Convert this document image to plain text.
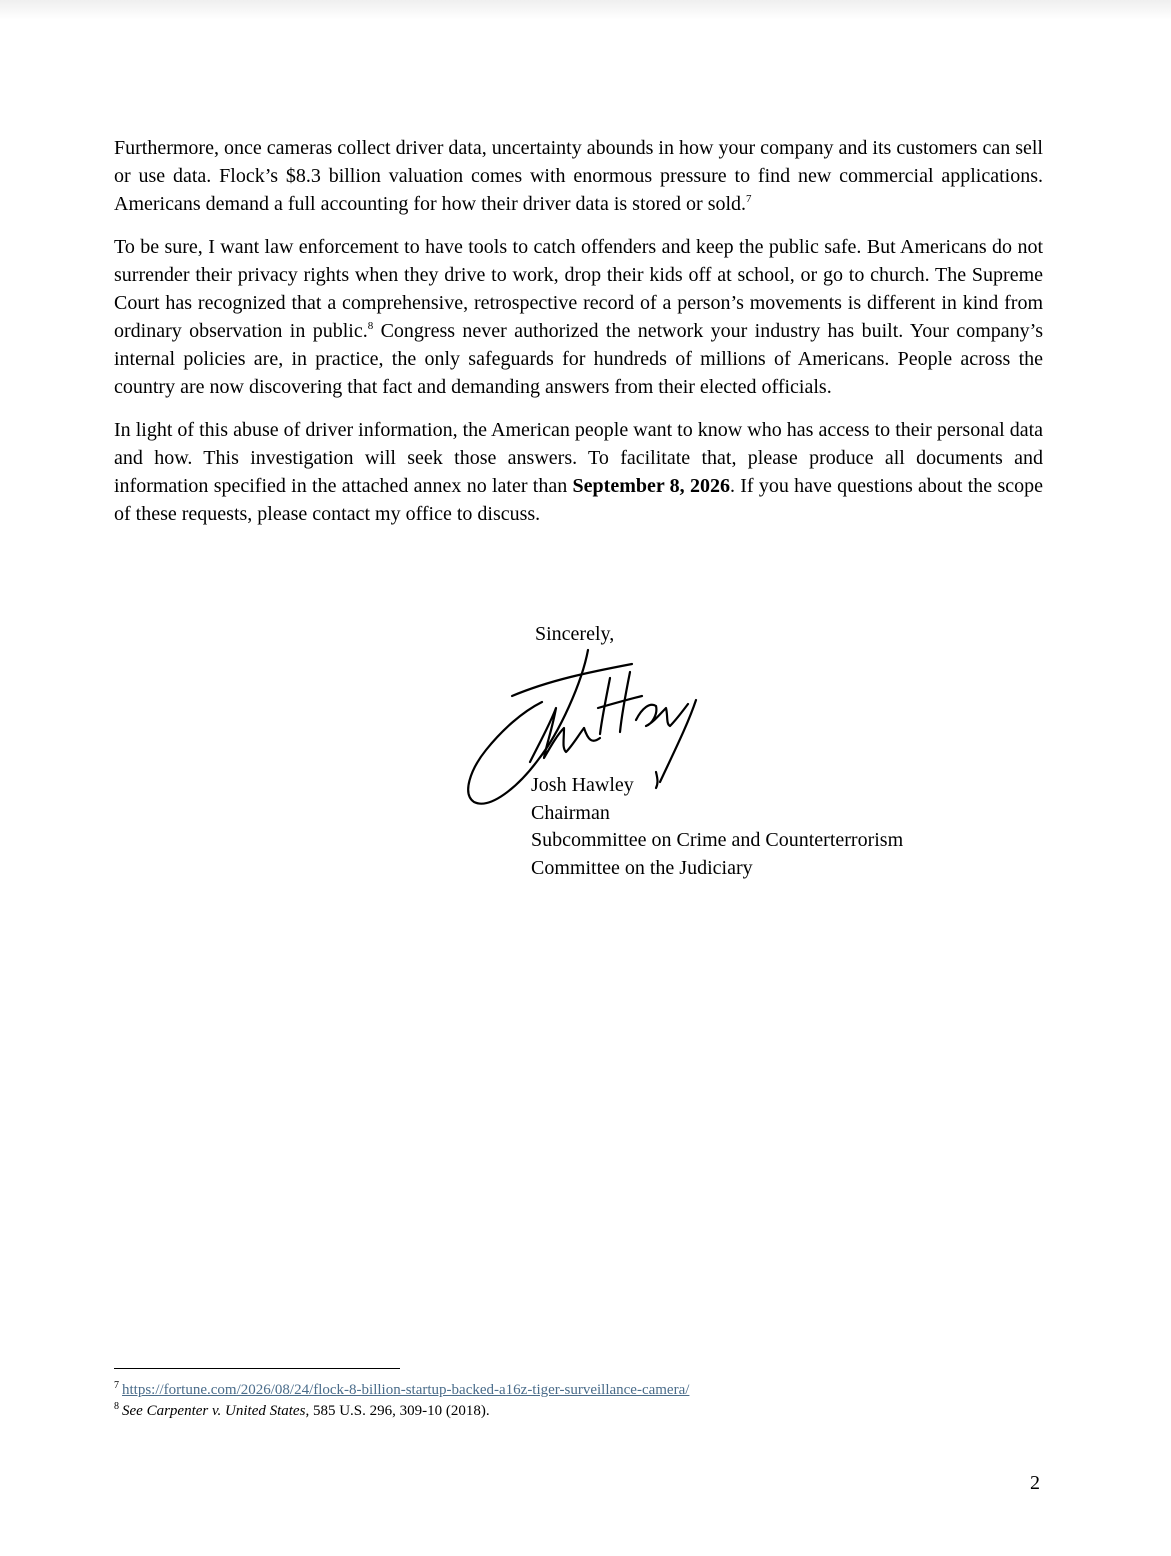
Furthermore, once cameras collect driver data, uncertainty abounds in how your company and its customers can sell or use data. Flock’s $8.3 billion valuation comes with enormous pressure to find new commercial applications. Americans demand a full accounting for how their driver data is stored or sold.$^7$

To be sure, I want law enforcement to have tools to catch offenders and keep the public safe. But Americans do not surrender their privacy rights when they drive to work, drop their kids off at school, or go to church. The Supreme Court has recognized that a comprehensive, retrospective record of a person’s movements is different in kind from ordinary observation in public.$^8$ Congress never authorized the network your industry has built. Your company’s internal policies are, in practice, the only safeguards for hundreds of millions of Americans. People across the country are now discovering that fact and demanding answers from their elected officials.

In light of this abuse of driver information, the American people want to know who has access to their personal data and how. This investigation will seek those answers. To facilitate that, please produce all documents and information specified in the attached annex no later than September 8, 2026. If you have questions about the scope of these requests, please contact my office to discuss.

Sincerely,
Josh Hawley
Chairman
Subcommittee on Crime and Counterterrorism
Committee on the Judiciary
$^7$ https://fortune.com/2026/08/24/flock-8-billion-startup-backed-a16z-tiger-surveillance-camera/
$^8$ See Carpenter v. United States, 585 U.S. 296, 309-10 (2018).
2
